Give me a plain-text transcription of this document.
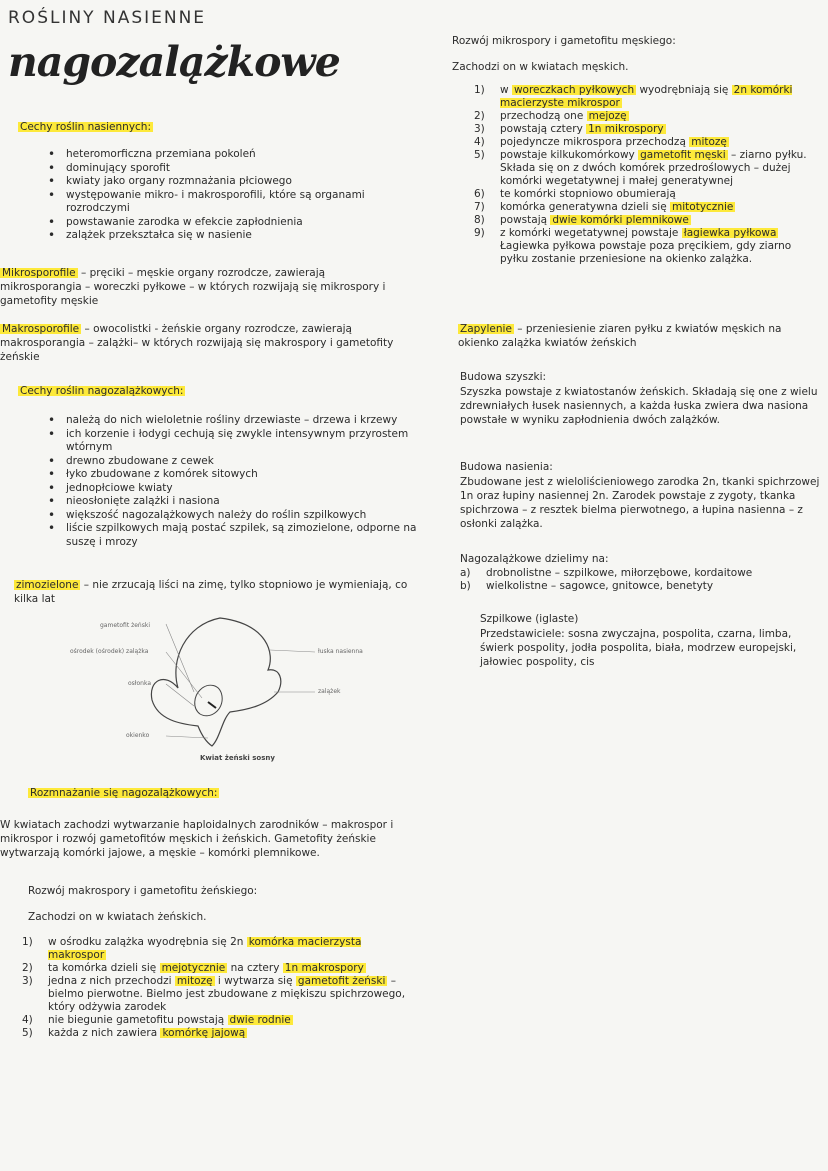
ROŚLINY NASIENNE
nagozalążkowe
Cechy roślin nasiennych:
• heteromorficzna przemiana pokoleń
• dominujący sporofit
• kwiaty jako organy rozmnażania płciowego
• występowanie mikro- i makrosporofili, które są organami rozrodczymi
• powstawanie zarodka w efekcie zapłodnienia
• zalążek przekształca się w nasienie
Mikrosporofile – pręciki – męskie organy rozrodcze, zawierają mikrosporangia – woreczki pyłkowe – w których rozwijają się mikrospory i gametofity męskie
Makrosporofile – owocolistki - żeńskie organy rozrodcze, zawierają makrosporangia – zalążki– w których rozwijają się makrospory i gametofity żeńskie
Cechy roślin nagozalążkowych:
• należą do nich wieloletnie rośliny drzewiaste – drzewa i krzewy
• ich korzenie i łodygi cechują się zwykle intensywnym przyrostem wtórnym
• drewno zbudowane z cewek
• łyko zbudowane z komórek sitowych
• jednopłciowe kwiaty
• nieosłonięte zalążki i nasiona
• większość nagozalążkowych należy do roślin szpilkowych
• liście szpilkowych mają postać szpilek, są zimozielone, odporne na suszę i mrozy
zimozielone – nie zrzucają liści na zimę, tylko stopniowo je wymieniają, co kilka lat
gametofit żeński
ośrodek (ośrodek) zalążka
osłonka
okienko
łuska nasienna
zalążek
Kwiat żeński sosny
Rozmnażanie się nagozalążkowych:
W kwiatach zachodzi wytwarzanie haploidalnych zarodników – makrospor i mikrospor i rozwój gametofitów męskich i żeńskich. Gametofity żeńskie wytwarzają komórki jajowe, a męskie – komórki plemnikowe.
Rozwój makrospory i gametofitu żeńskiego:
Zachodzi on w kwiatach żeńskich.
1) w ośrodku zalążka wyodrębnia się 2n komórka macierzysta makrospor
2) ta komórka dzieli się mejotycznie na cztery 1n makrospory
3) jedna z nich przechodzi mitozę i wytwarza się gametofit żeński – bielmo pierwotne. Bielmo jest zbudowane z miękiszu spichrzowego, który odżywia zarodek
4) nie biegunie gametofitu powstają dwie rodnie
5) każda z nich zawiera komórkę jajową
Rozwój mikrospory i gametofitu męskiego:
Zachodzi on w kwiatach męskich.
1) w woreczkach pyłkowych wyodrębniają się 2n komórki macierzyste mikrospor
2) przechodzą one mejozę
3) powstają cztery 1n mikrospory
4) pojedyncze mikrospora przechodzą mitozę
5) powstaje kilkukomórkowy gametofit męski – ziarno pyłku. Składa się on z dwóch komórek przedroślowych – dużej komórki wegetatywnej i małej generatywnej
6) te komórki stopniowo obumierają
7) komórka generatywna dzieli się mitotycznie
8) powstają dwie komórki plemnikowe
9) z komórki wegetatywnej powstaje łagiewka pyłkowa Łagiewka pyłkowa powstaje poza pręcikiem, gdy ziarno pyłku zostanie przeniesione na okienko zalążka.
Zapylenie – przeniesienie ziaren pyłku z kwiatów męskich na okienko zalążka kwiatów żeńskich
Budowa szyszki:
Szyszka powstaje z kwiatostanów żeńskich. Składają się one z wielu zdrewniałych łusek nasiennych, a każda łuska zwiera dwa nasiona powstałe w wyniku zapłodnienia dwóch zalążków.
Budowa nasienia:
Zbudowane jest z wieloliścieniowego zarodka 2n, tkanki spichrzowej 1n oraz łupiny nasiennej 2n. Zarodek powstaje z zygoty, tkanka spichrzowa – z resztek bielma pierwotnego, a łupina nasienna – z osłonki zalążka.
Nagozalążkowe dzielimy na:
a) drobnolistne – szpilkowe, miłorzębowe, kordaitowe
b) wielkolistne – sagowce, gnitowce, benetyty
Szpilkowe (iglaste)
Przedstawiciele: sosna zwyczajna, pospolita, czarna, limba, świerk pospolity, jodła pospolita, biała, modrzew europejski, jałowiec pospolity, cis
